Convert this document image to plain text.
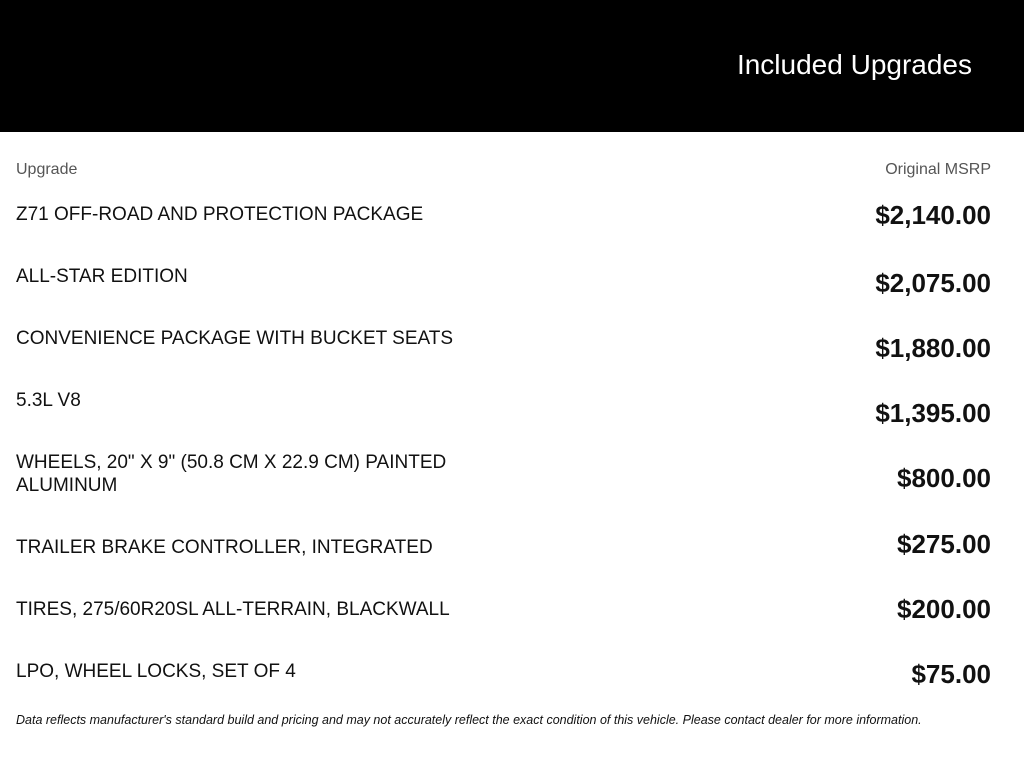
Included Upgrades
Upgrade	Original MSRP
Z71 OFF-ROAD AND PROTECTION PACKAGE	$2,140.00
ALL-STAR EDITION	$2,075.00
CONVENIENCE PACKAGE WITH BUCKET SEATS	$1,880.00
5.3L V8	$1,395.00
WHEELS, 20" X 9" (50.8 CM X 22.9 CM) PAINTED ALUMINUM	$800.00
TRAILER BRAKE CONTROLLER, INTEGRATED	$275.00
TIRES, 275/60R20SL ALL-TERRAIN, BLACKWALL	$200.00
LPO, WHEEL LOCKS, SET OF 4	$75.00
Data reflects manufacturer's standard build and pricing and may not accurately reflect the exact condition of this vehicle. Please contact dealer for more information.
